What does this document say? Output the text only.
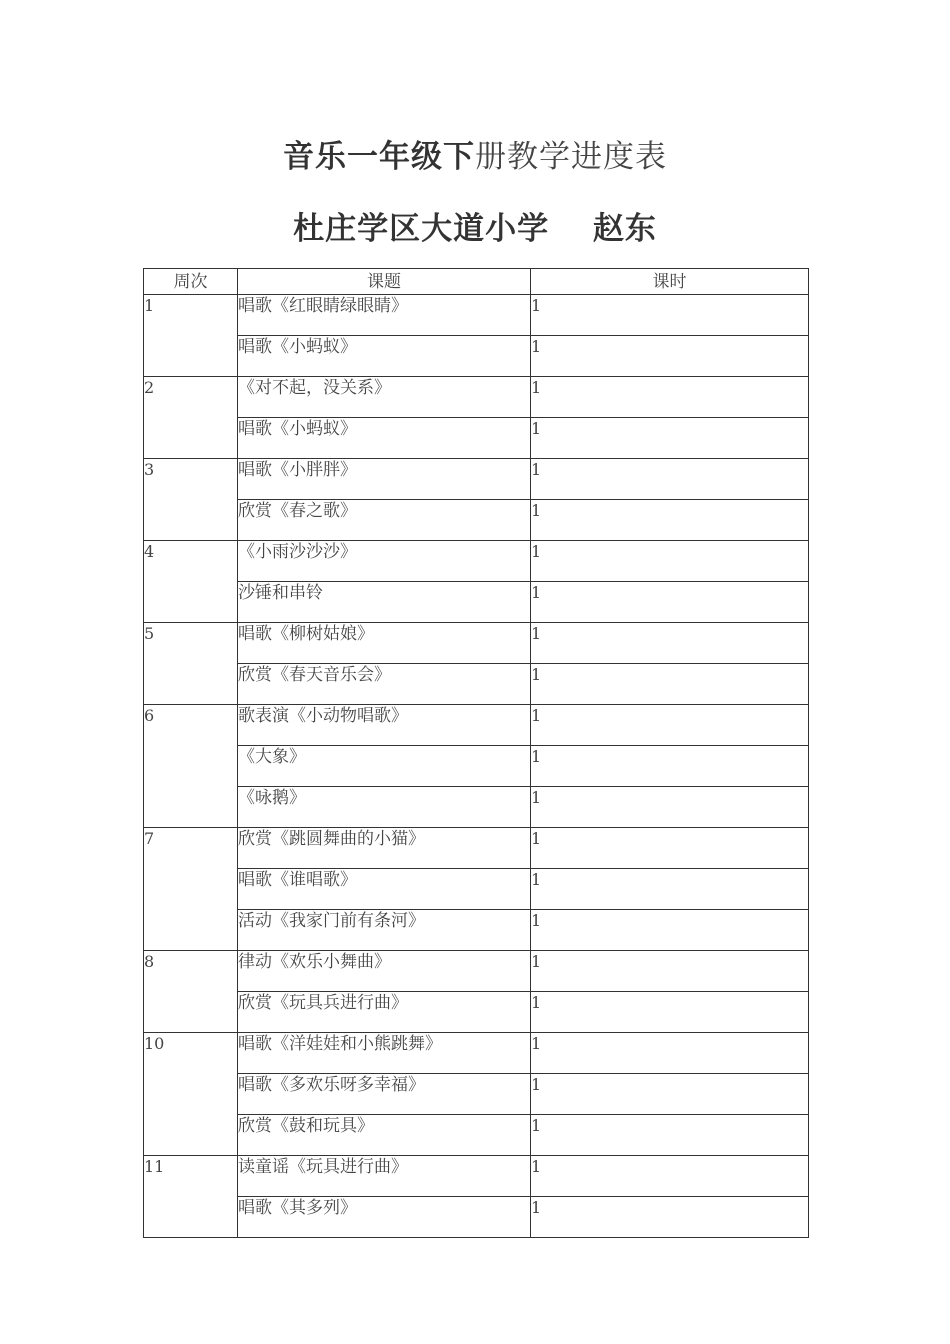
音乐一年级下册教学进度表
杜庄学区大道小学　 赵东
周次	课题	课时
1	唱歌《红眼睛绿眼睛》	1
	唱歌《小蚂蚁》	1
2	《对不起，没关系》	1
	唱歌《小蚂蚁》	1
3	唱歌《小胖胖》	1
	欣赏《春之歌》	1
4	《小雨沙沙沙》	1
	沙锤和串铃	1
5	唱歌《柳树姑娘》	1
	欣赏《春天音乐会》	1
6	歌表演《小动物唱歌》	1
	《大象》	1
	《咏鹅》	1
7	欣赏《跳圆舞曲的小猫》	1
	唱歌《谁唱歌》	1
	活动《我家门前有条河》	1
8	律动《欢乐小舞曲》	1
	欣赏《玩具兵进行曲》	1
10	唱歌《洋娃娃和小熊跳舞》	1
	唱歌《多欢乐呀多幸福》	1
	欣赏《鼓和玩具》	1
11	读童谣《玩具进行曲》	1
	唱歌《其多列》	1
